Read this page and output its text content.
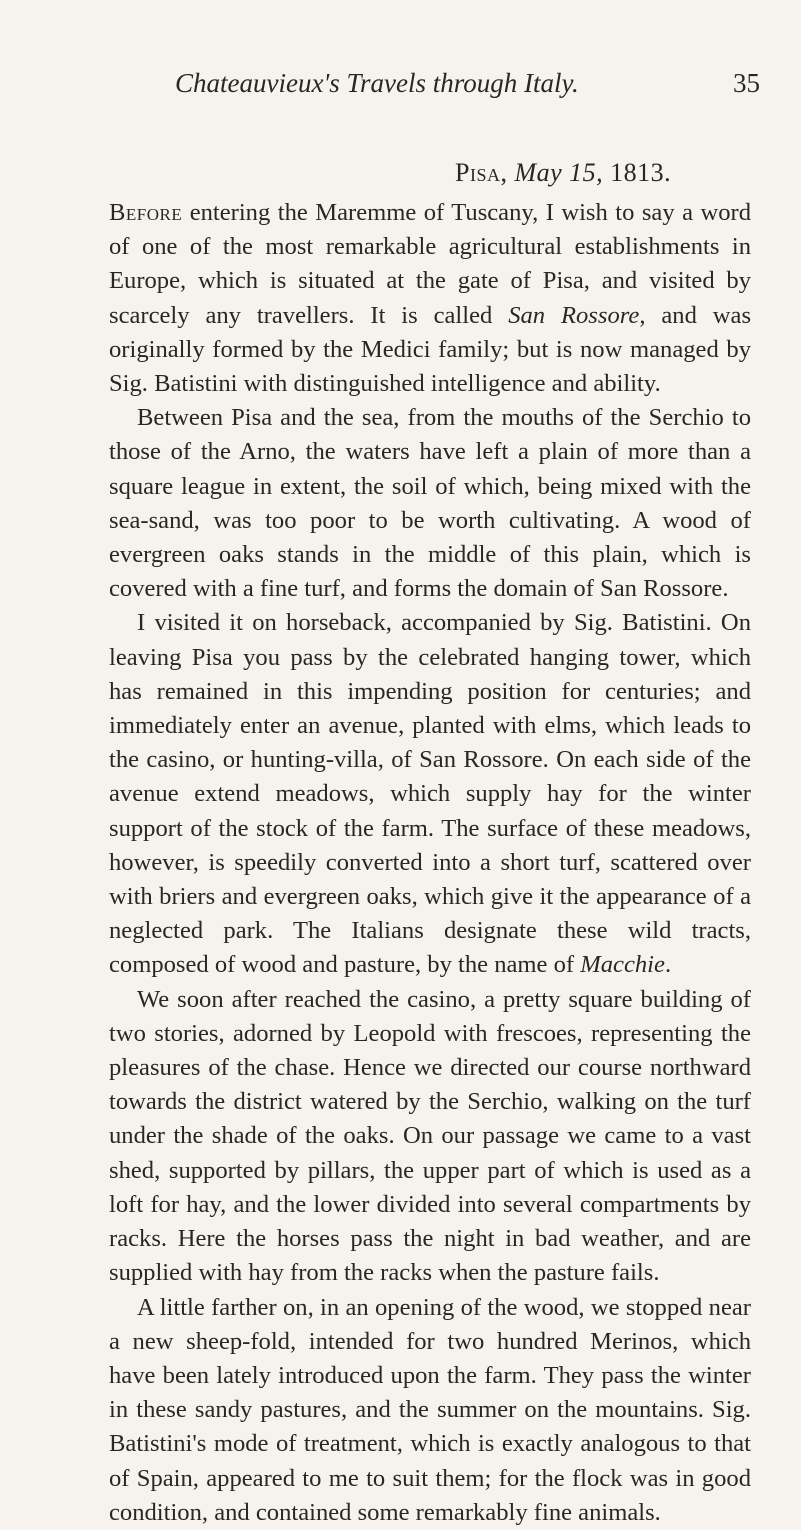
Chateauvieux's Travels through Italy.	35
Pisa, May 15, 1813.

Before entering the Maremme of Tuscany, I wish to say a word of one of the most remarkable agricultural establishments in Europe, which is situated at the gate of Pisa, and visited by scarcely any travellers. It is called San Rossore, and was originally formed by the Medici family; but is now managed by Sig. Batistini with distinguished intelligence and ability.

Between Pisa and the sea, from the mouths of the Serchio to those of the Arno, the waters have left a plain of more than a square league in extent, the soil of which, being mixed with the sea-sand, was too poor to be worth cultivating. A wood of evergreen oaks stands in the middle of this plain, which is covered with a fine turf, and forms the domain of San Rossore.

I visited it on horseback, accompanied by Sig. Batistini. On leaving Pisa you pass by the celebrated hanging tower, which has remained in this impending position for centuries; and immediately enter an avenue, planted with elms, which leads to the casino, or hunting-villa, of San Rossore. On each side of the avenue extend meadows, which supply hay for the winter support of the stock of the farm. The surface of these meadows, however, is speedily converted into a short turf, scattered over with briers and evergreen oaks, which give it the appearance of a neglected park. The Italians designate these wild tracts, composed of wood and pasture, by the name of Macchie.

We soon after reached the casino, a pretty square building of two stories, adorned by Leopold with frescoes, representing the pleasures of the chase. Hence we directed our course northward towards the district watered by the Serchio, walking on the turf under the shade of the oaks. On our passage we came to a vast shed, supported by pillars, the upper part of which is used as a loft for hay, and the lower divided into several compartments by racks. Here the horses pass the night in bad weather, and are supplied with hay from the racks when the pasture fails.

A little farther on, in an opening of the wood, we stopped near a new sheep-fold, intended for two hundred Merinos, which have been lately introduced upon the farm. They pass the winter in these sandy pastures, and the summer on the mountains. Sig. Batistini's mode of treatment, which is exactly analogous to that of Spain, appeared to me to suit them; for the flock was in good condition, and contained some remarkably fine animals.
